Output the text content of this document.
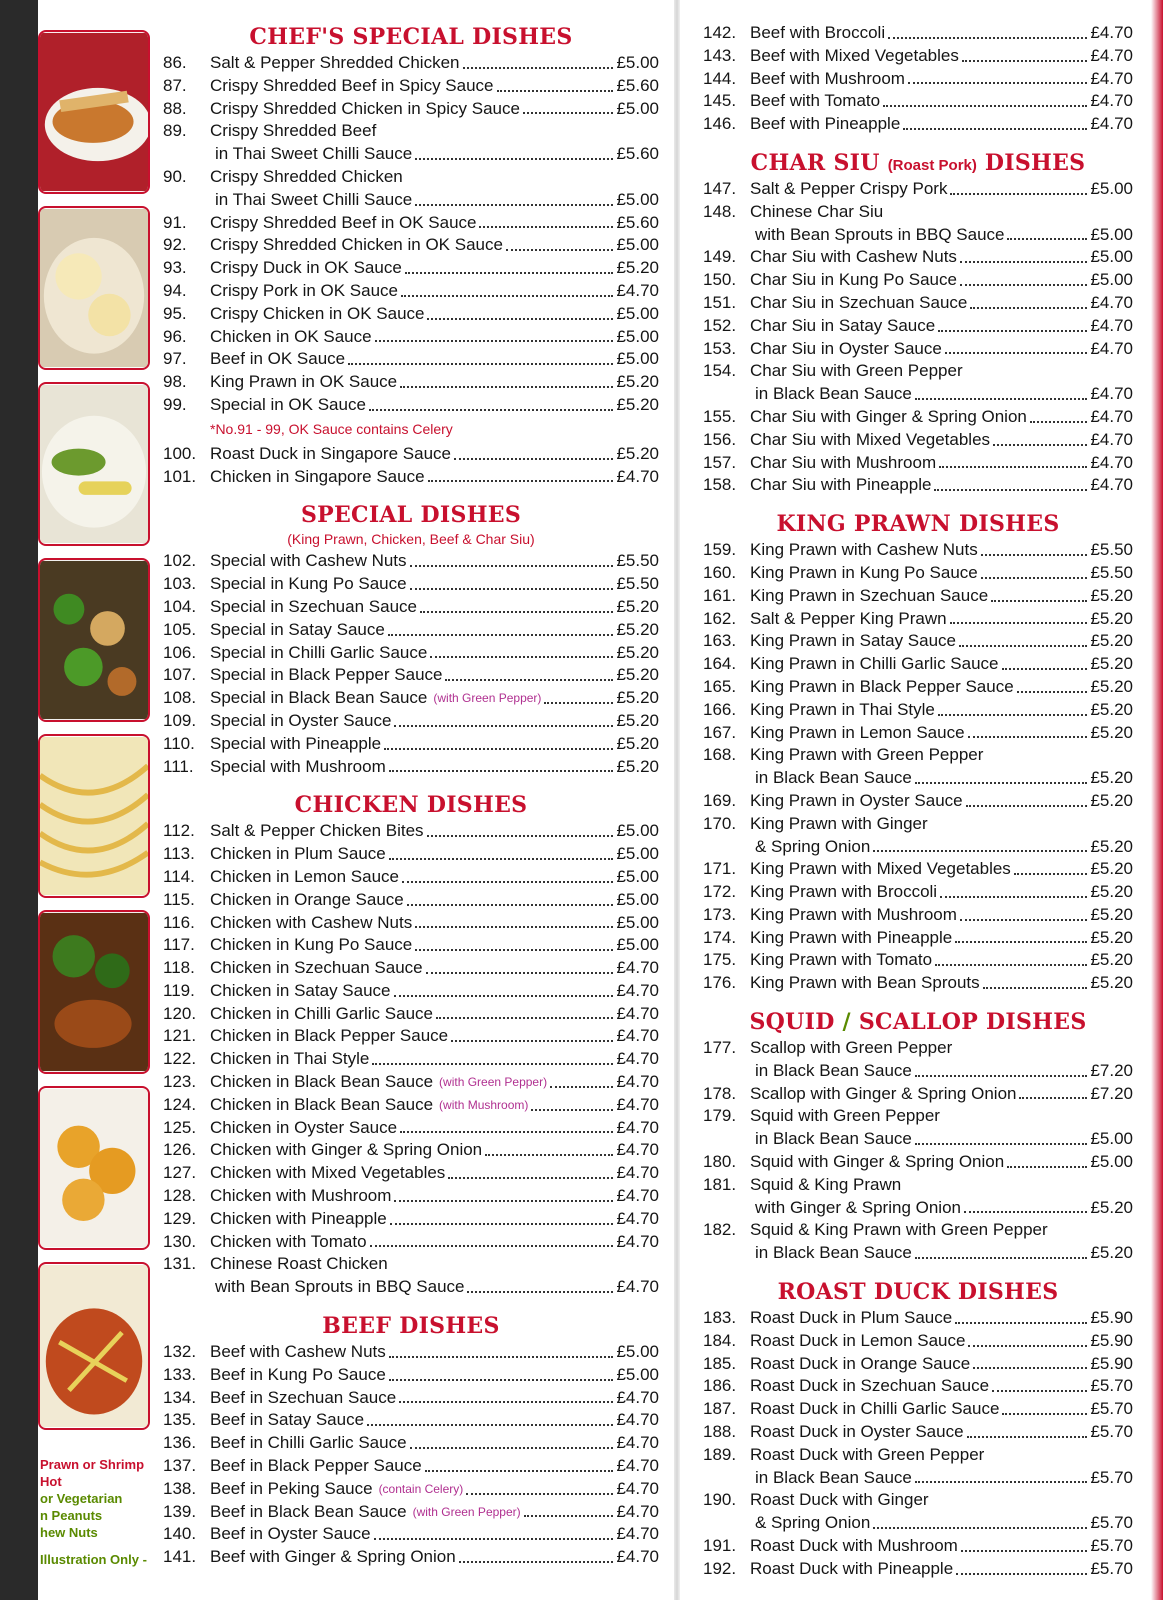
Prawn or Shrimp
Hot
or Vegetarian
n Peanuts
hew Nuts
Illustration Only -
CHEF'S SPECIAL DISHES
86.	Salt & Pepper Shredded Chicken	£5.00
87.	Crispy Shredded Beef in Spicy Sauce	£5.60
88.	Crispy Shredded Chicken in Spicy Sauce	£5.00
89.	Crispy Shredded Beef
in Thai Sweet Chilli Sauce	£5.60
90.	Crispy Shredded Chicken
in Thai Sweet Chilli Sauce	£5.00
91.	Crispy Shredded Beef in OK Sauce	£5.60
92.	Crispy Shredded Chicken in OK Sauce	£5.00
93.	Crispy Duck in OK Sauce	£5.20
94.	Crispy Pork in OK Sauce	£4.70
95.	Crispy Chicken in OK Sauce	£5.00
96.	Chicken in OK Sauce	£5.00
97.	Beef in OK Sauce	£5.00
98.	King Prawn in OK Sauce	£5.20
99.	Special in OK Sauce	£5.20
*No.91 - 99, OK Sauce contains Celery
100. Roast Duck in Singapore Sauce	£5.20
101. Chicken in Singapore Sauce	£4.70
SPECIAL DISHES
(King Prawn, Chicken, Beef & Char Siu)
102. Special with Cashew Nuts	£5.50
103. Special in Kung Po Sauce	£5.50
104. Special in Szechuan Sauce	£5.20
105. Special in Satay Sauce	£5.20
106. Special in Chilli Garlic Sauce	£5.20
107. Special in Black Pepper Sauce	£5.20
108. Special in Black Bean Sauce (with Green Pepper)	£5.20
109. Special in Oyster Sauce	£5.20
110. Special with Pineapple	£5.20
111. Special with Mushroom	£5.20
CHICKEN DISHES
112. Salt & Pepper Chicken Bites	£5.00
113. Chicken in Plum Sauce	£5.00
114. Chicken in Lemon Sauce	£5.00
115. Chicken in Orange Sauce	£5.00
116. Chicken with Cashew Nuts	£5.00
117. Chicken in Kung Po Sauce	£5.00
118. Chicken in Szechuan Sauce	£4.70
119. Chicken in Satay Sauce	£4.70
120. Chicken in Chilli Garlic Sauce	£4.70
121. Chicken in Black Pepper Sauce	£4.70
122. Chicken in Thai Style	£4.70
123. Chicken in Black Bean Sauce (with Green Pepper)	£4.70
124. Chicken in Black Bean Sauce (with Mushroom)	£4.70
125. Chicken in Oyster Sauce	£4.70
126. Chicken with Ginger & Spring Onion	£4.70
127. Chicken with Mixed Vegetables	£4.70
128. Chicken with Mushroom	£4.70
129. Chicken with Pineapple	£4.70
130. Chicken with Tomato	£4.70
131. Chinese Roast Chicken
with Bean Sprouts in BBQ Sauce	£4.70
BEEF DISHES
132. Beef with Cashew Nuts	£5.00
133. Beef in Kung Po Sauce	£5.00
134. Beef in Szechuan Sauce	£4.70
135. Beef in Satay Sauce	£4.70
136. Beef in Chilli Garlic Sauce	£4.70
137. Beef in Black Pepper Sauce	£4.70
138. Beef in Peking Sauce (contain Celery)	£4.70
139. Beef in Black Bean Sauce (with Green Pepper)	£4.70
140. Beef in Oyster Sauce	£4.70
141. Beef with Ginger & Spring Onion	£4.70
142. Beef with Broccoli	£4.70
143. Beef with Mixed Vegetables	£4.70
144. Beef with Mushroom	£4.70
145. Beef with Tomato	£4.70
146. Beef with Pineapple	£4.70
CHAR SIU (Roast Pork) DISHES
147. Salt & Pepper Crispy Pork	£5.00
148. Chinese Char Siu
with Bean Sprouts in BBQ Sauce	£5.00
149. Char Siu with Cashew Nuts	£5.00
150. Char Siu in Kung Po Sauce	£5.00
151. Char Siu in Szechuan Sauce	£4.70
152. Char Siu in Satay Sauce	£4.70
153. Char Siu in Oyster Sauce	£4.70
154. Char Siu with Green Pepper
in Black Bean Sauce	£4.70
155. Char Siu with Ginger & Spring Onion	£4.70
156. Char Siu with Mixed Vegetables	£4.70
157. Char Siu with Mushroom	£4.70
158. Char Siu with Pineapple	£4.70
KING PRAWN DISHES
159. King Prawn with Cashew Nuts	£5.50
160. King Prawn in Kung Po Sauce	£5.50
161. King Prawn in Szechuan Sauce	£5.20
162. Salt & Pepper King Prawn	£5.20
163. King Prawn in Satay Sauce	£5.20
164. King Prawn in Chilli Garlic Sauce	£5.20
165. King Prawn in Black Pepper Sauce	£5.20
166. King Prawn in Thai Style	£5.20
167. King Prawn in Lemon Sauce	£5.20
168. King Prawn with Green Pepper
in Black Bean Sauce	£5.20
169. King Prawn in Oyster Sauce	£5.20
170. King Prawn with Ginger
& Spring Onion	£5.20
171. King Prawn with Mixed Vegetables	£5.20
172. King Prawn with Broccoli	£5.20
173. King Prawn with Mushroom	£5.20
174. King Prawn with Pineapple	£5.20
175. King Prawn with Tomato	£5.20
176. King Prawn with Bean Sprouts	£5.20
SQUID / SCALLOP DISHES
177. Scallop with Green Pepper
in Black Bean Sauce	£7.20
178. Scallop with Ginger & Spring Onion	£7.20
179. Squid with Green Pepper
in Black Bean Sauce	£5.00
180. Squid with Ginger & Spring Onion	£5.00
181. Squid & King Prawn
with Ginger & Spring Onion	£5.20
182. Squid & King Prawn with Green Pepper
in Black Bean Sauce	£5.20
ROAST DUCK DISHES
183. Roast Duck in Plum Sauce	£5.90
184. Roast Duck in Lemon Sauce	£5.90
185. Roast Duck in Orange Sauce	£5.90
186. Roast Duck in Szechuan Sauce	£5.70
187. Roast Duck in Chilli Garlic Sauce	£5.70
188. Roast Duck in Oyster Sauce	£5.70
189. Roast Duck with Green Pepper
in Black Bean Sauce	£5.70
190. Roast Duck with Ginger
& Spring Onion	£5.70
191. Roast Duck with Mushroom	£5.70
192. Roast Duck with Pineapple	£5.70
